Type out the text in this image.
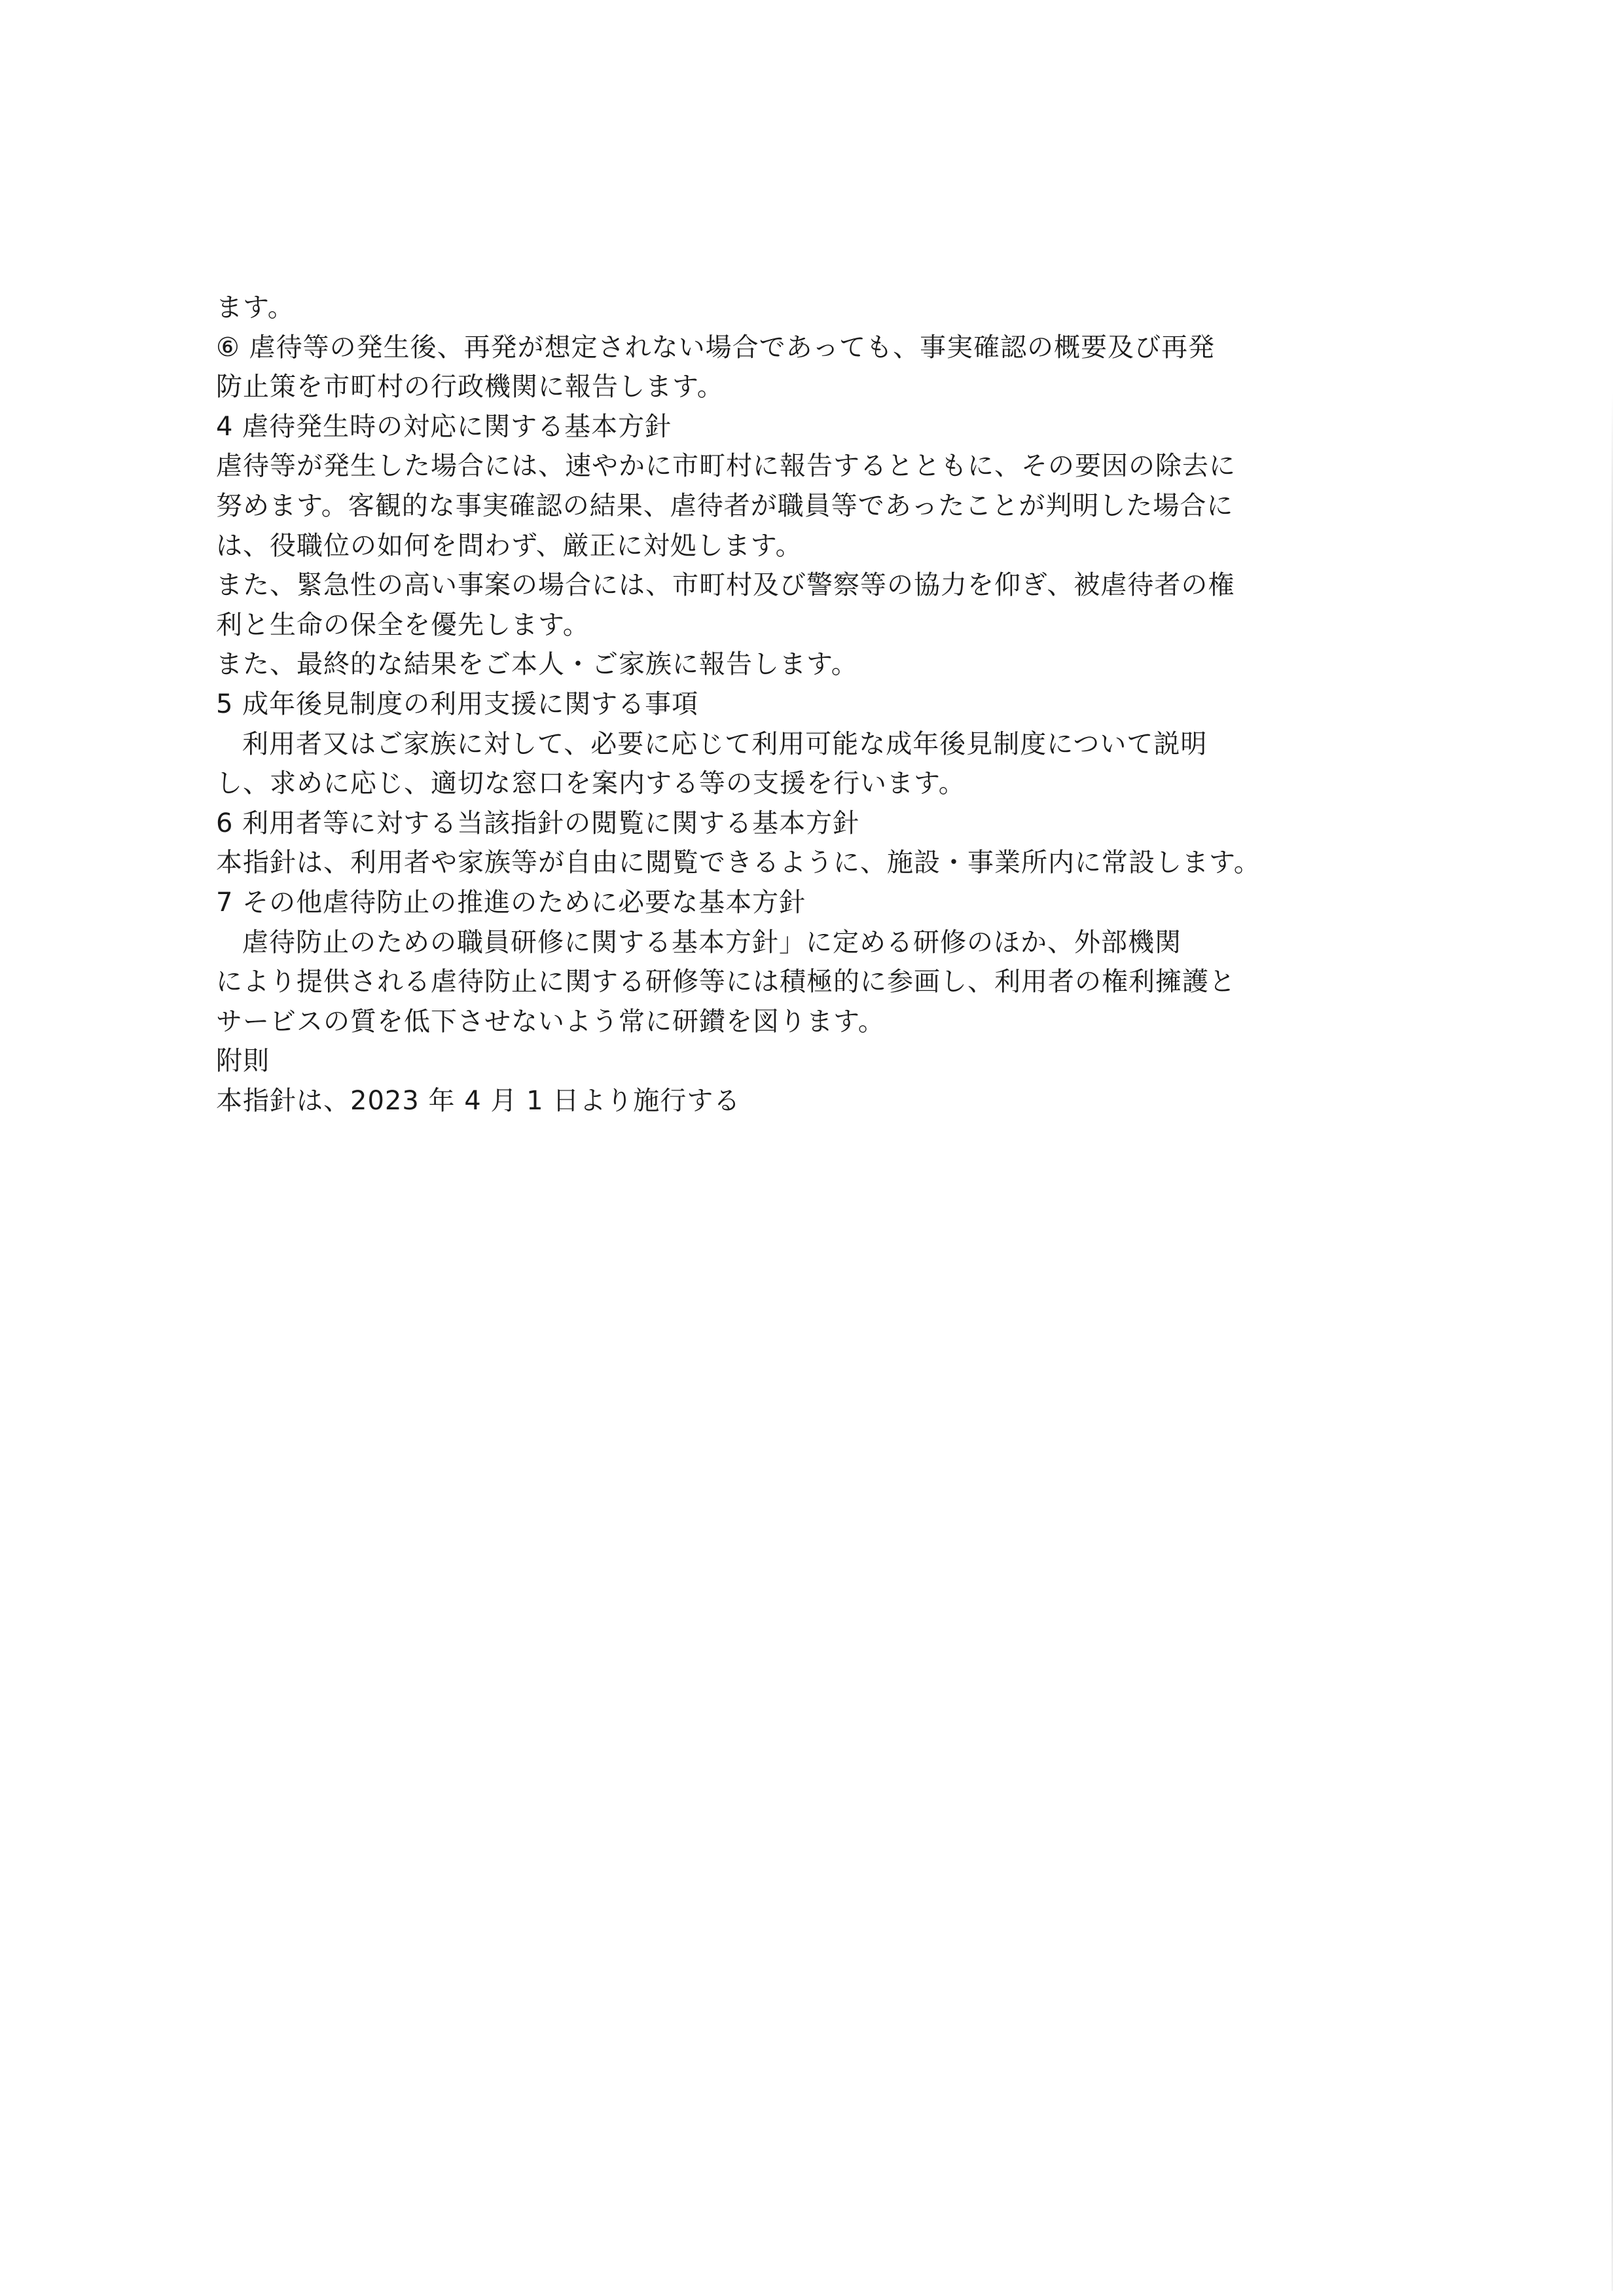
ます。
⑥ 虐待等の発生後、再発が想定されない場合であっても、事実確認の概要及び再発
防止策を市町村の行政機関に報告します。
4 虐待発生時の対応に関する基本方針
虐待等が発生した場合には、速やかに市町村に報告するとともに、その要因の除去に
努めます。客観的な事実確認の結果、虐待者が職員等であったことが判明した場合に
は、役職位の如何を問わず、厳正に対処します。
また、緊急性の高い事案の場合には、市町村及び警察等の協力を仰ぎ、被虐待者の権
利と生命の保全を優先します。
また、最終的な結果をご本人・ご家族に報告します。
5 成年後見制度の利用支援に関する事項
利用者又はご家族に対して、必要に応じて利用可能な成年後見制度について説明
し、求めに応じ、適切な窓口を案内する等の支援を行います。
6 利用者等に対する当該指針の閲覧に関する基本方針
本指針は、利用者や家族等が自由に閲覧できるように、施設・事業所内に常設します。
7 その他虐待防止の推進のために必要な基本方針
虐待防止のための職員研修に関する基本方針」に定める研修のほか、外部機関
により提供される虐待防止に関する研修等には積極的に参画し、利用者の権利擁護と
サービスの質を低下させないよう常に研鑚を図ります。
附則
本指針は、2023 年 4 月 1 日より施行する
